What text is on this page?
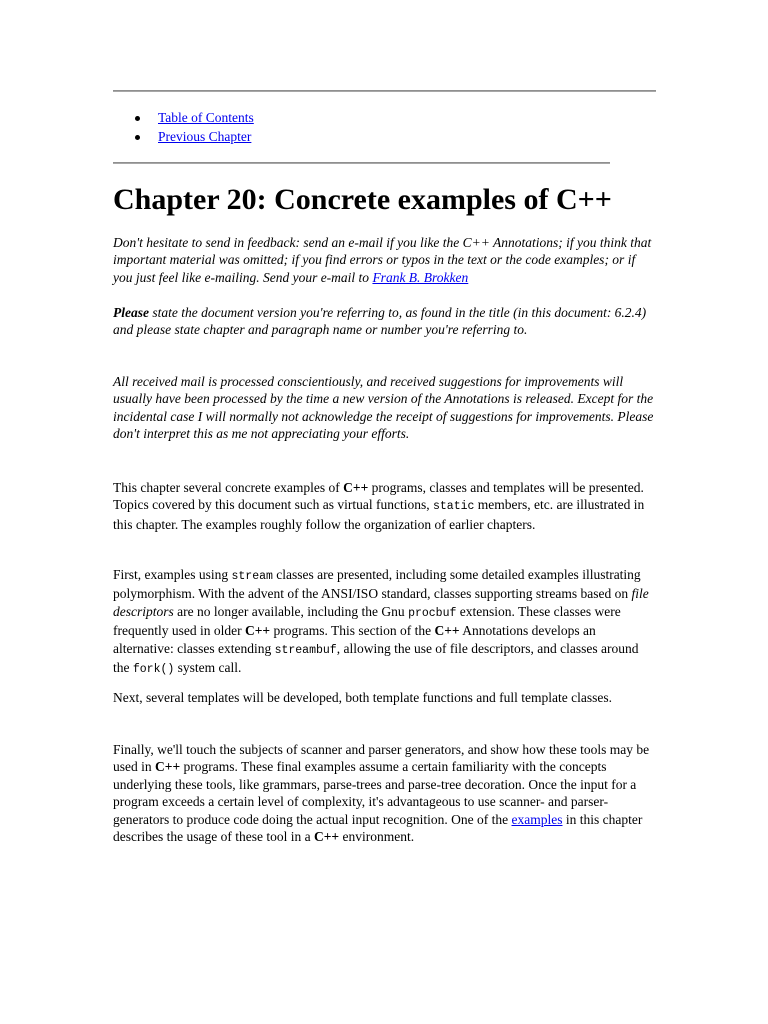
Table of Contents
Previous Chapter
Chapter 20: Concrete examples of C++

Don't hesitate to send in feedback: send an e-mail if you like the C++ Annotations; if you think that important material was omitted; if you find errors or typos in the text or the code examples; or if you just feel like e-mailing. Send your e-mail to Frank B. Brokken

Please state the document version you're referring to, as found in the title (in this document: 6.2.4) and please state chapter and paragraph name or number you're referring to.

All received mail is processed conscientiously, and received suggestions for improvements will usually have been processed by the time a new version of the Annotations is released. Except for the incidental case I will normally not acknowledge the receipt of suggestions for improvements. Please don't interpret this as me not appreciating your efforts.

This chapter several concrete examples of C++ programs, classes and templates will be presented. Topics covered by this document such as virtual functions, static members, etc. are illustrated in this chapter. The examples roughly follow the organization of earlier chapters.

First, examples using stream classes are presented, including some detailed examples illustrating polymorphism. With the advent of the ANSI/ISO standard, classes supporting streams based on file descriptors are no longer available, including the Gnu procbuf extension. These classes were frequently used in older C++ programs. This section of the C++ Annotations develops an alternative: classes extending streambuf, allowing the use of file descriptors, and classes around the fork() system call.

Next, several templates will be developed, both template functions and full template classes.

Finally, we'll touch the subjects of scanner and parser generators, and show how these tools may be used in C++ programs. These final examples assume a certain familiarity with the concepts underlying these tools, like grammars, parse-trees and parse-tree decoration. Once the input for a program exceeds a certain level of complexity, it's advantageous to use scanner- and parser-generators to produce code doing the actual input recognition. One of the examples in this chapter describes the usage of these tool in a C++ environment.
